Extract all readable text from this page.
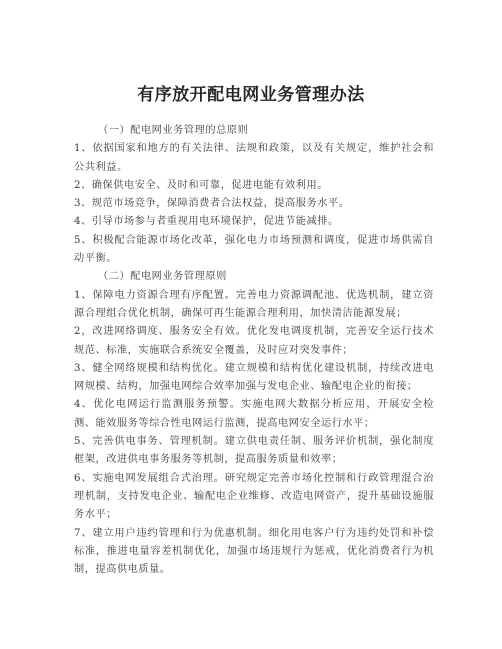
有序放开配电网业务管理办法

（一）配电网业务管理的总原则

1、依据国家和地方的有关法律、法规和政策，以及有关规定，维护社会和公共利益。

2、确保供电安全、及时和可靠，促进电能有效利用。

3、规范市场竞争，保障消费者合法权益，提高服务水平。

4、引导市场参与者重视用电环境保护，促进节能减排。

5、积极配合能源市场化改革，强化电力市场预测和调度，促进市场供需自动平衡。

（二）配电网业务管理原则

1、保障电力资源合理有序配置。完善电力资源调配池、优选机制，建立资源合理组合优化机制，确保可再生能源合理利用，加快清洁能源发展；

2，改进网络调度、服务安全有效。优化发电调度机制，完善安全运行技术规范、标准，实施联合系统安全覆盖，及时应对突发事件；

3、健全网络规模和结构优化。建立规模和结构优化建设机制，持续改进电网规模、结构，加强电网综合效率加强与发电企业、输配电企业的衔接；

4、优化电网运行监测服务预警。实施电网大数据分析应用，开展安全检测、能效服务等综合性电网运行监测，提高电网安全运行水平；

5、完善供电事务、管理机制。建立供电责任制、服务评价机制，强化制度框架，改进供电事务服务等机制，提高服务质量和效率；

6、实施电网发展组合式治理。研究规定完善市场化控制和行政管理混合治理机制，支持发电企业、输配电企业维修、改造电网资产，提升基础设施服务水平；

7、建立用户违约管理和行为优惠机制。细化用电客户行为违约处罚和补偿标准，推进电量容差机制优化，加强市场违规行为惩戒，优化消费者行为机制，提高供电质量。
